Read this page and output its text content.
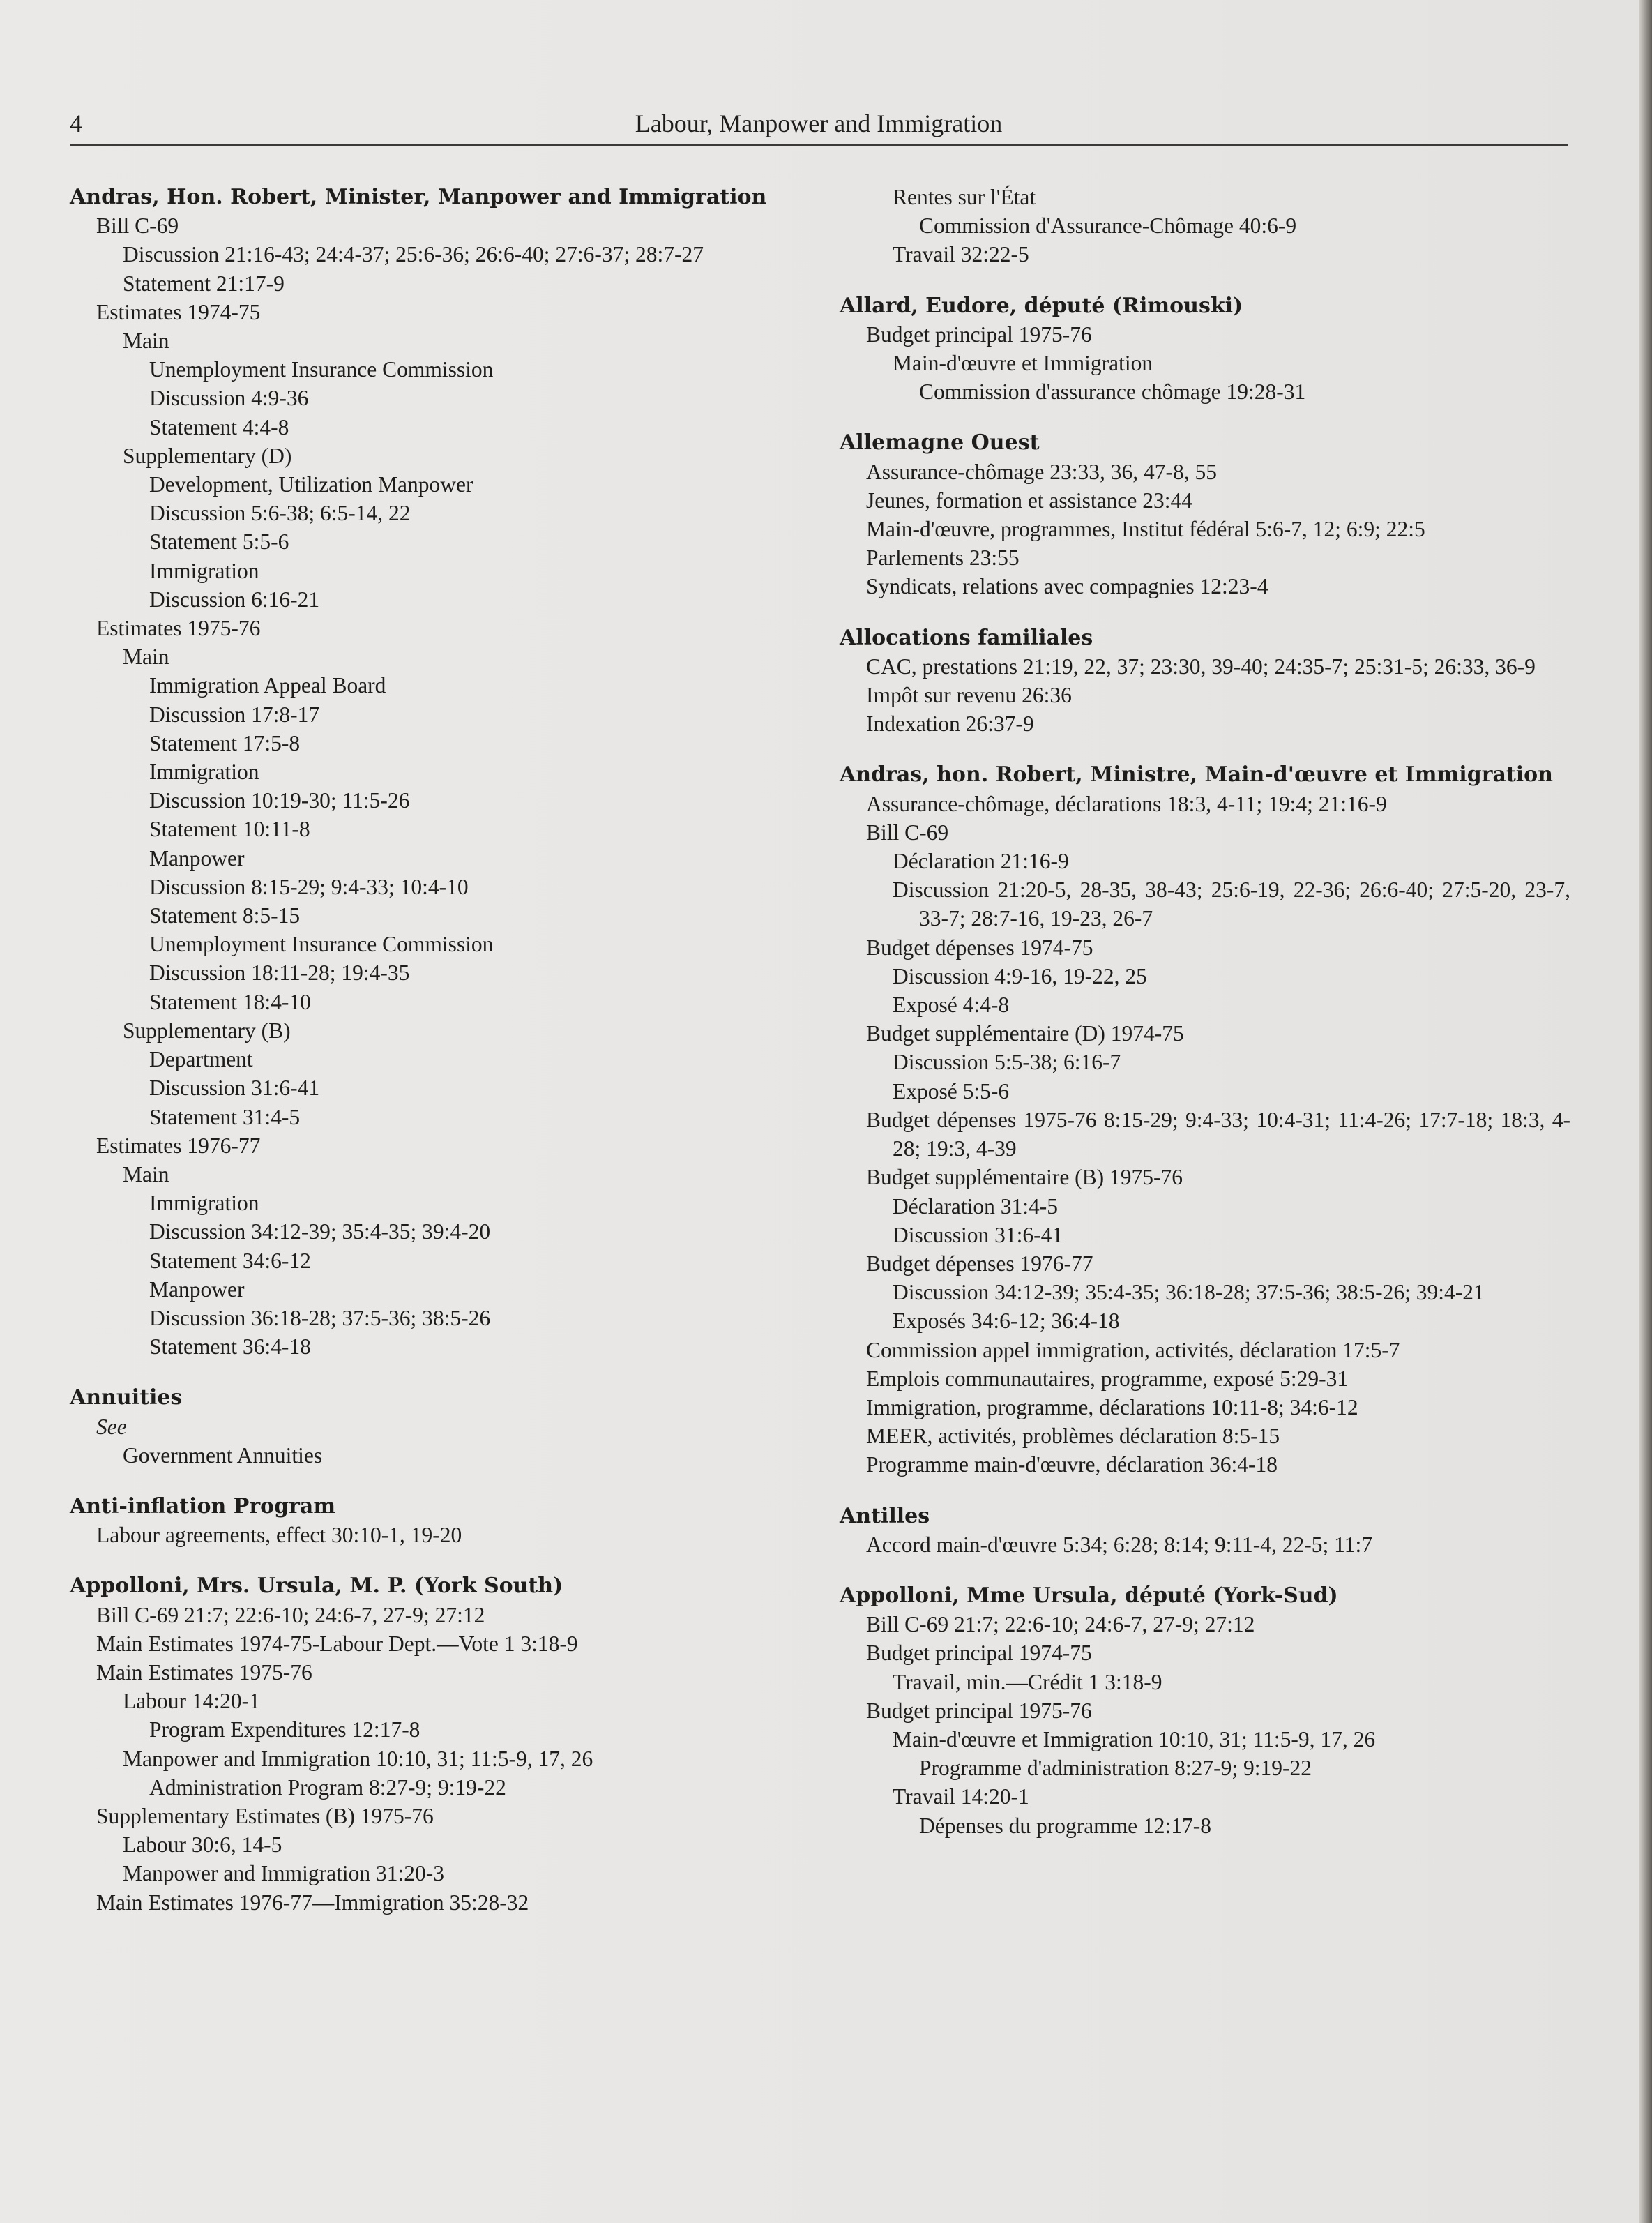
4	Labour, Manpower and Immigration
Andras, Hon. Robert, Minister, Manpower and Immigration
Bill C-69
Discussion 21:16-43; 24:4-37; 25:6-36; 26:6-40; 27:6-37; 28:7-27
Statement 21:17-9
Estimates 1974-75
Main
Unemployment Insurance Commission
Discussion 4:9-36
Statement 4:4-8
Supplementary (D)
Development, Utilization Manpower
Discussion 5:6-38; 6:5-14, 22
Statement 5:5-6
Immigration
Discussion 6:16-21
Estimates 1975-76
Main
Immigration Appeal Board
Discussion 17:8-17
Statement 17:5-8
Immigration
Discussion 10:19-30; 11:5-26
Statement 10:11-8
Manpower
Discussion 8:15-29; 9:4-33; 10:4-10
Statement 8:5-15
Unemployment Insurance Commission
Discussion 18:11-28; 19:4-35
Statement 18:4-10
Supplementary (B)
Department
Discussion 31:6-41
Statement 31:4-5
Estimates 1976-77
Main
Immigration
Discussion 34:12-39; 35:4-35; 39:4-20
Statement 34:6-12
Manpower
Discussion 36:18-28; 37:5-36; 38:5-26
Statement 36:4-18
Annuities
See
Government Annuities
Anti-inflation Program
Labour agreements, effect 30:10-1, 19-20
Appolloni, Mrs. Ursula, M. P. (York South)
Bill C-69 21:7; 22:6-10; 24:6-7, 27-9; 27:12
Main Estimates 1974-75-Labour Dept.—Vote 1 3:18-9
Main Estimates 1975-76
Labour 14:20-1
Program Expenditures 12:17-8
Manpower and Immigration 10:10, 31; 11:5-9, 17, 26
Administration Program 8:27-9; 9:19-22
Supplementary Estimates (B) 1975-76
Labour 30:6, 14-5
Manpower and Immigration 31:20-3
Main Estimates 1976-77—Immigration 35:28-32
Rentes sur l'État
Commission d'Assurance-Chômage 40:6-9
Travail 32:22-5
Allard, Eudore, député (Rimouski)
Budget principal 1975-76
Main-d'œuvre et Immigration
Commission d'assurance chômage 19:28-31
Allemagne Ouest
Assurance-chômage 23:33, 36, 47-8, 55
Jeunes, formation et assistance 23:44
Main-d'œuvre, programmes, Institut fédéral 5:6-7, 12; 6:9; 22:5
Parlements 23:55
Syndicats, relations avec compagnies 12:23-4
Allocations familiales
CAC, prestations 21:19, 22, 37; 23:30, 39-40; 24:35-7; 25:31-5; 26:33, 36-9
Impôt sur revenu 26:36
Indexation 26:37-9
Andras, hon. Robert, Ministre, Main-d'œuvre et Immigration
Assurance-chômage, déclarations 18:3, 4-11; 19:4; 21:16-9
Bill C-69
Déclaration 21:16-9
Discussion 21:20-5, 28-35, 38-43; 25:6-19, 22-36; 26:6-40; 27:5-20, 23-7, 33-7; 28:7-16, 19-23, 26-7
Budget dépenses 1974-75
Discussion 4:9-16, 19-22, 25
Exposé 4:4-8
Budget supplémentaire (D) 1974-75
Discussion 5:5-38; 6:16-7
Exposé 5:5-6
Budget dépenses 1975-76 8:15-29; 9:4-33; 10:4-31; 11:4-26; 17:7-18; 18:3, 4-28; 19:3, 4-39
Budget supplémentaire (B) 1975-76
Déclaration 31:4-5
Discussion 31:6-41
Budget dépenses 1976-77
Discussion 34:12-39; 35:4-35; 36:18-28; 37:5-36; 38:5-26; 39:4-21
Exposés 34:6-12; 36:4-18
Commission appel immigration, activités, déclaration 17:5-7
Emplois communautaires, programme, exposé 5:29-31
Immigration, programme, déclarations 10:11-8; 34:6-12
MEER, activités, problèmes déclaration 8:5-15
Programme main-d'œuvre, déclaration 36:4-18
Antilles
Accord main-d'œuvre 5:34; 6:28; 8:14; 9:11-4, 22-5; 11:7
Appolloni, Mme Ursula, député (York-Sud)
Bill C-69 21:7; 22:6-10; 24:6-7, 27-9; 27:12
Budget principal 1974-75
Travail, min.—Crédit 1 3:18-9
Budget principal 1975-76
Main-d'œuvre et Immigration 10:10, 31; 11:5-9, 17, 26
Programme d'administration 8:27-9; 9:19-22
Travail 14:20-1
Dépenses du programme 12:17-8
